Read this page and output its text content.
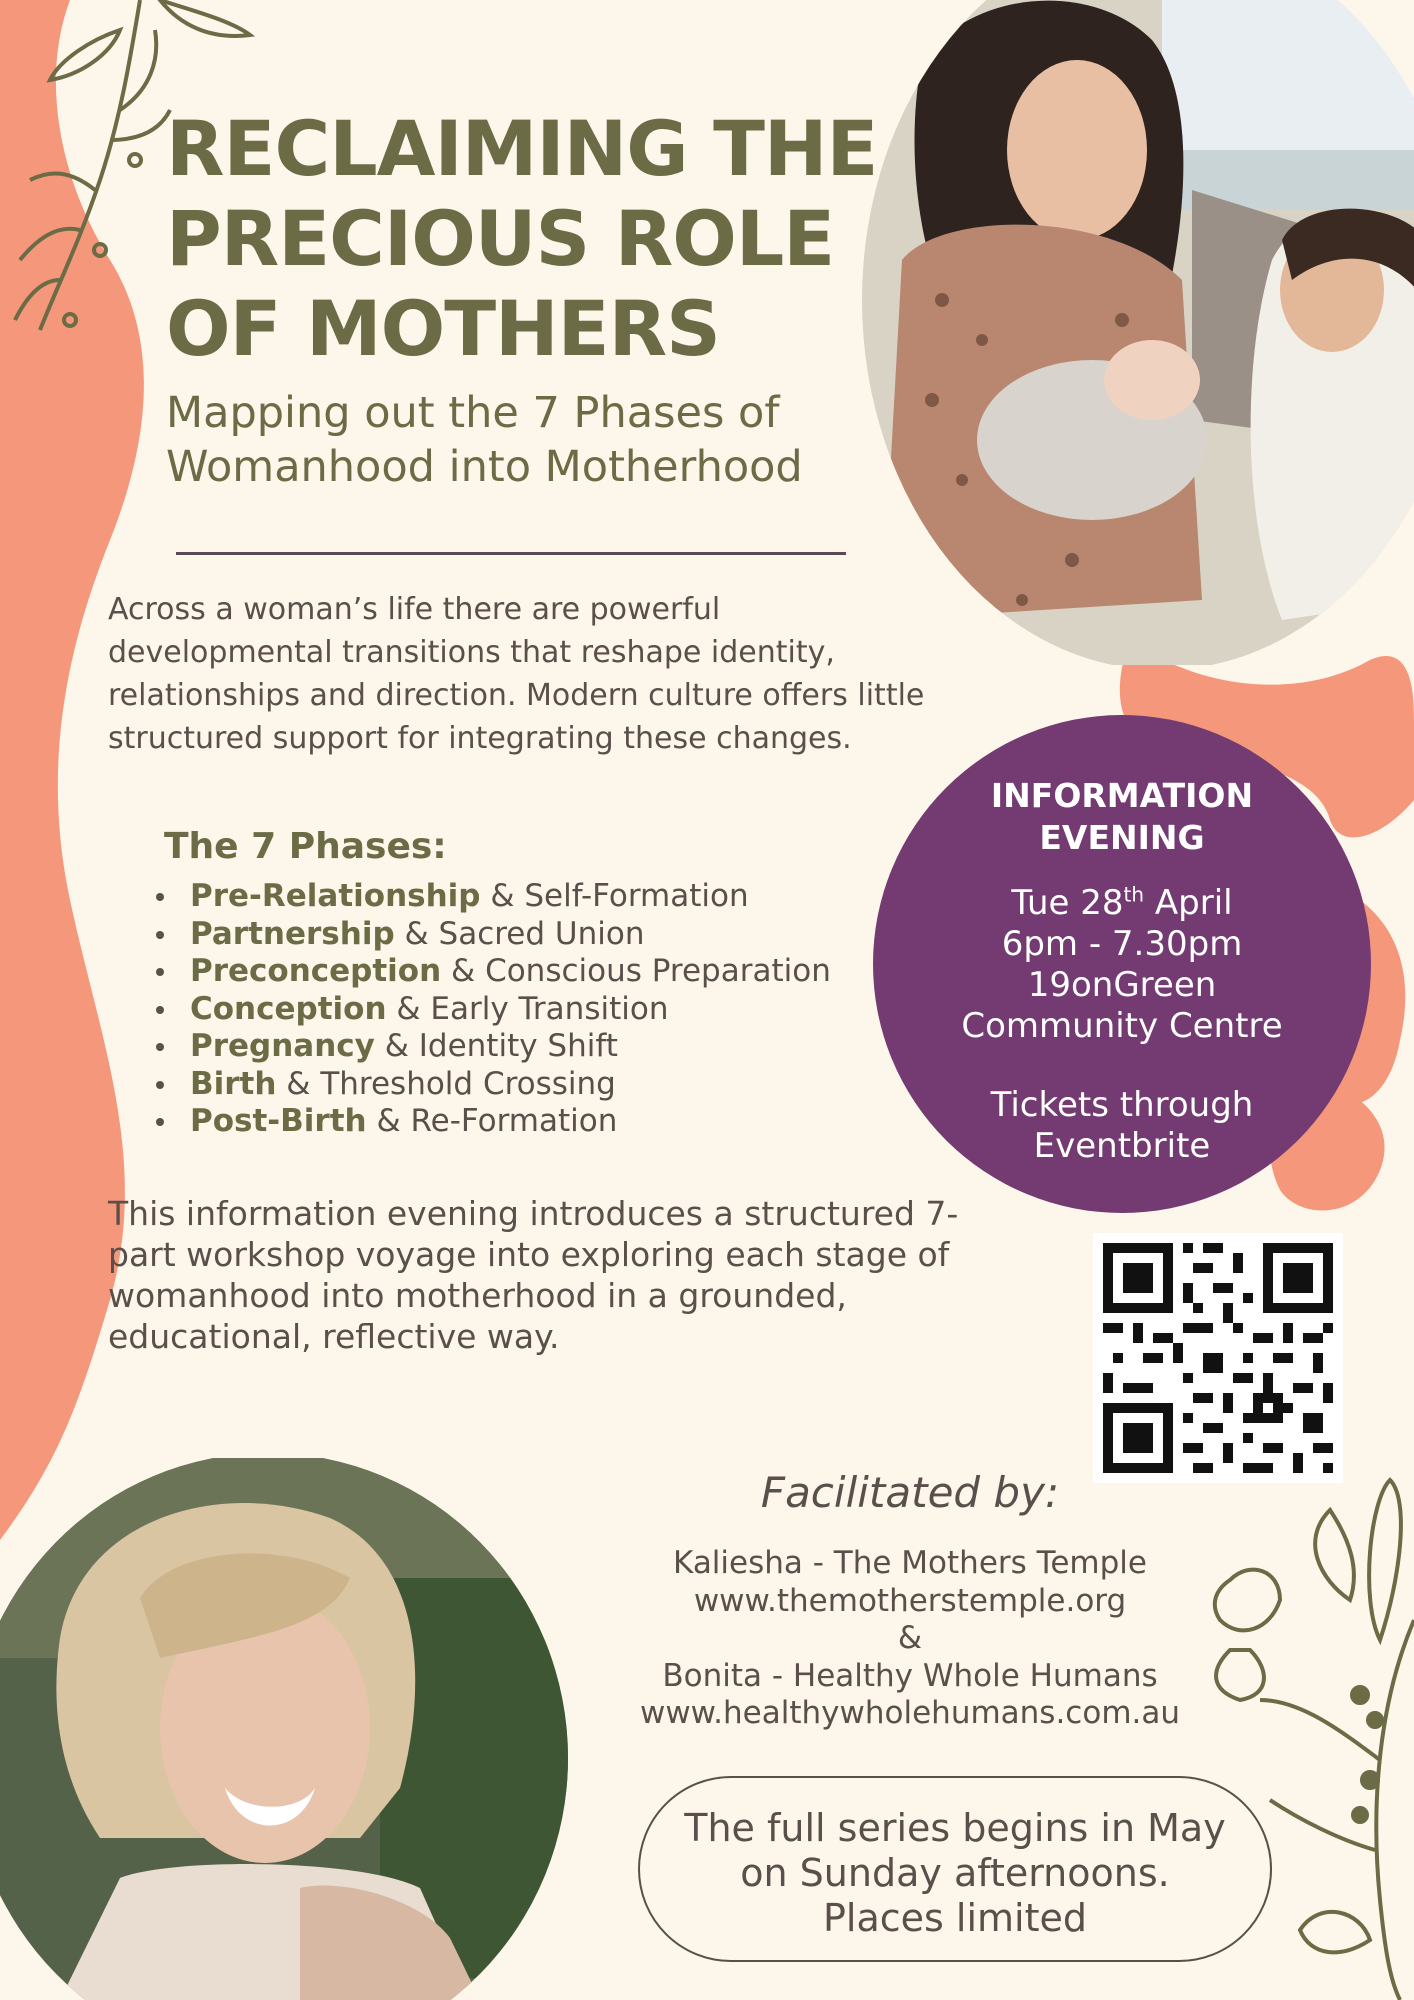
RECLAIMING THE
PRECIOUS ROLE
OF MOTHERS
Mapping out the 7 Phases of
Womanhood into Motherhood

Across a woman’s life there are powerful developmental transitions that reshape identity, relationships and direction. Modern culture offers little structured support for integrating these changes.

The 7 Phases:
Pre-Relationship & Self-Formation
Partnership & Sacred Union
Preconception & Conscious Preparation
Conception & Early Transition
Pregnancy & Identity Shift
Birth & Threshold Crossing
Post-Birth & Re-Formation

This information evening introduces a structured 7-part workshop voyage into exploring each stage of womanhood into motherhood in a grounded, educational, reflective way.

INFORMATION
EVENING
Tue 28th April
6pm - 7.30pm
19onGreen
Community Centre
Tickets through
Eventbrite
Facilitated by:
Kaliesha - The Mothers Temple
www.themotherstemple.org
&
Bonita - Healthy Whole Humans
www.healthywholehumans.com.au
The full series begins in May
on Sunday afternoons.
Places limited
